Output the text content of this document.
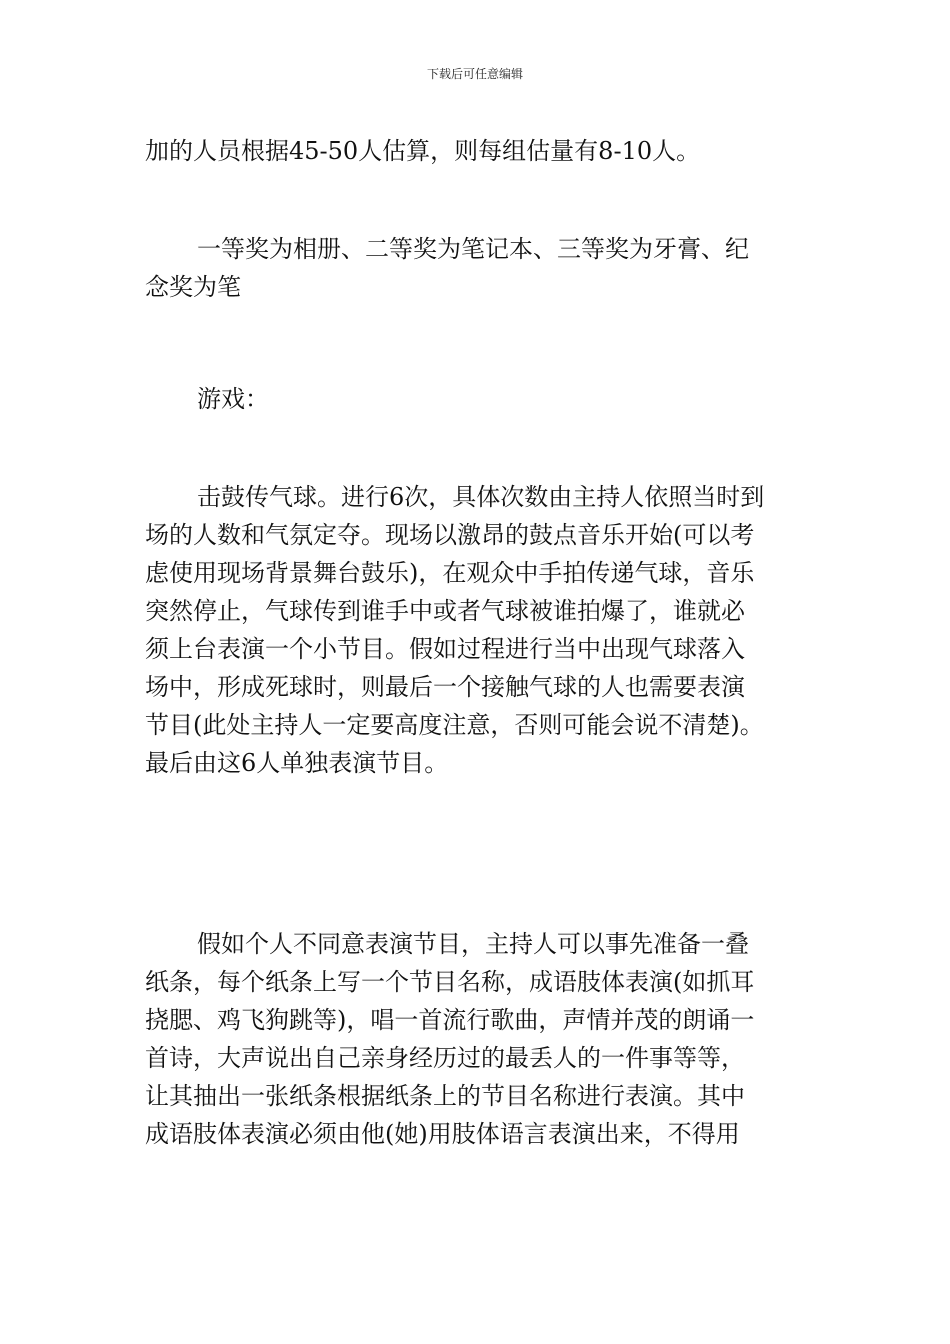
下载后可任意编辑
加的人员根据45-50人估算，则每组估量有8-10人。
一等奖为相册、二等奖为笔记本、三等奖为牙膏、纪
念奖为笔
游戏：
击鼓传气球。进行6次，具体次数由主持人依照当时到
场的人数和气氛定夺。现场以激昂的鼓点音乐开始(可以考
虑使用现场背景舞台鼓乐)，在观众中手拍传递气球，音乐
突然停止，气球传到谁手中或者气球被谁拍爆了，谁就必
须上台表演一个小节目。假如过程进行当中出现气球落入
场中，形成死球时，则最后一个接触气球的人也需要表演
节目(此处主持人一定要高度注意，否则可能会说不清楚)。
最后由这6人单独表演节目。
假如个人不同意表演节目，主持人可以事先准备一叠
纸条，每个纸条上写一个节目名称，成语肢体表演(如抓耳
挠腮、鸡飞狗跳等)，唱一首流行歌曲，声情并茂的朗诵一
首诗，大声说出自己亲身经历过的最丢人的一件事等等，
让其抽出一张纸条根据纸条上的节目名称进行表演。其中
成语肢体表演必须由他(她)用肢体语言表演出来，不得用
